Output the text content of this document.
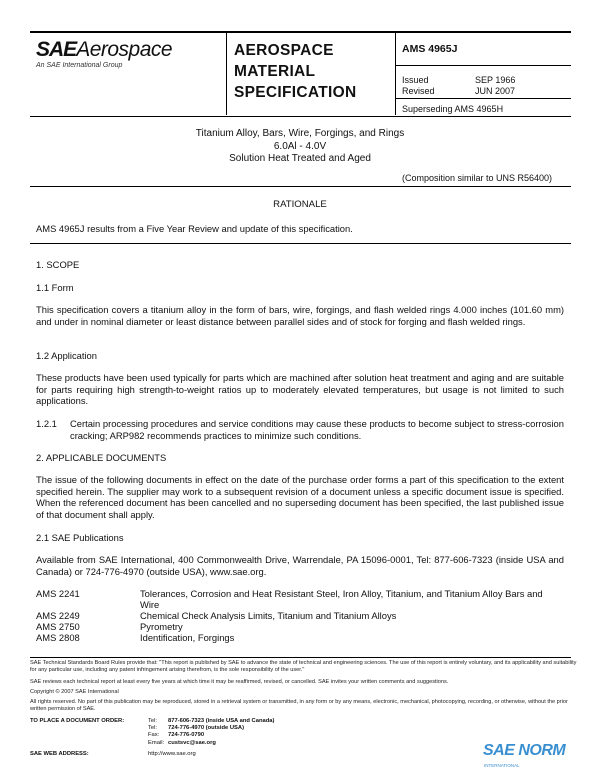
SAEAerospace
An SAE International Group
AEROSPACE
MATERIAL
SPECIFICATION
AMS 4965J
Issued	SEP 1966
Revised	JUN 2007
Superseding AMS 4965H
Titanium Alloy, Bars, Wire, Forgings, and Rings
6.0Al - 4.0V
Solution Heat Treated and Aged
(Composition similar to UNS R56400)
RATIONALE
AMS 4965J results from a Five Year Review and update of this specification.
1. SCOPE
1.1 Form
This specification covers a titanium alloy in the form of bars, wire, forgings, and flash welded rings 4.000 inches (101.60 mm) and under in nominal diameter or least distance between parallel sides and of stock for forging and flash welded rings.
1.2 Application
These products have been used typically for parts which are machined after solution heat treatment and aging and are suitable for parts requiring high strength-to-weight ratios up to moderately elevated temperatures, but usage is not limited to such applications.
1.2.1 Certain processing procedures and service conditions may cause these products to become subject to stress-corrosion cracking; ARP982 recommends practices to minimize such conditions.
2. APPLICABLE DOCUMENTS
The issue of the following documents in effect on the date of the purchase order forms a part of this specification to the extent specified herein. The supplier may work to a subsequent revision of a document unless a specific document issue is specified. When the referenced document has been cancelled and no superseding document has been specified, the last published issue of that document shall apply.
2.1 SAE Publications
Available from SAE International, 400 Commonwealth Drive, Warrendale, PA 15096-0001, Tel: 877-606-7323 (inside USA and Canada) or 724-776-4970 (outside USA), www.sae.org.
AMS 2241	Tolerances, Corrosion and Heat Resistant Steel, Iron Alloy, Titanium, and Titanium Alloy Bars and Wire
AMS 2249	Chemical Check Analysis Limits, Titanium and Titanium Alloys
AMS 2750	Pyrometry
AMS 2808	Identification, Forgings
SAE Technical Standards Board Rules provide that: "This report is published by SAE to advance the state of technical and engineering sciences. The use of this report is entirely voluntary, and its applicability and suitability for any particular use, including any patent infringement arising therefrom, is the sole responsibility of the user."
SAE reviews each technical report at least every five years at which time it may be reaffirmed, revised, or cancelled. SAE invites your written comments and suggestions.
Copyright © 2007 SAE International
All rights reserved. No part of this publication may be reproduced, stored in a retrieval system or transmitted, in any form or by any means, electronic, mechanical, photocopying, recording, or otherwise, without the prior written permission of SAE.
TO PLACE A DOCUMENT ORDER:	Tel: 877-606-7323 (inside USA and Canada)
Tel: 724-776-4970 (outside USA)
Fax: 724-776-0790
Email: custsvc@sae.org
SAE WEB ADDRESS:	http://www.sae.org	SAE NORM
INTERNATIONAL
